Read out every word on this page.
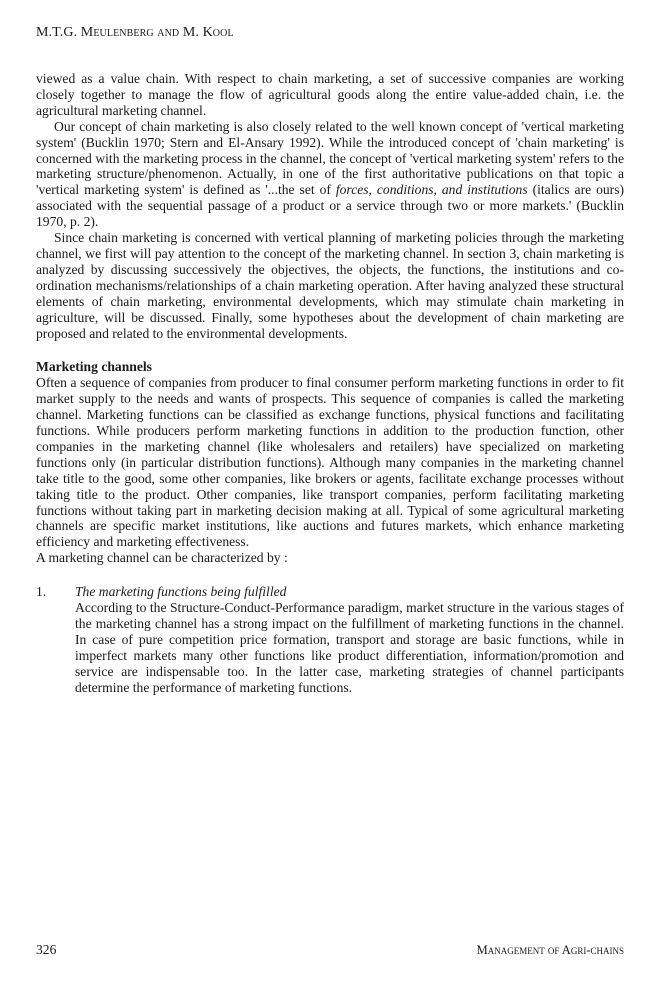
M.T.G. Meulenberg and M. Kool

viewed as a value chain. With respect to chain marketing, a set of successive companies are working closely together to manage the flow of agricultural goods along the entire value-added chain, i.e. the agricultural marketing channel.

Our concept of chain marketing is also closely related to the well known concept of 'vertical marketing system' (Bucklin 1970; Stern and El-Ansary 1992). While the introduced concept of 'chain marketing' is concerned with the marketing process in the channel, the concept of 'vertical marketing system' refers to the marketing structure/phenomenon. Actually, in one of the first authoritative publications on that topic a 'vertical marketing system' is defined as '...the set of forces, conditions, and institutions (italics are ours) associated with the sequential passage of a product or a service through two or more markets.' (Bucklin 1970, p. 2).

Since chain marketing is concerned with vertical planning of marketing policies through the marketing channel, we first will pay attention to the concept of the marketing channel. In section 3, chain marketing is analyzed by discussing successively the objectives, the objects, the functions, the institutions and co-ordination mechanisms/relationships of a chain marketing operation. After having analyzed these structural elements of chain marketing, environmental developments, which may stimulate chain marketing in agriculture, will be discussed. Finally, some hypotheses about the development of chain marketing are proposed and related to the environmental developments.

Marketing channels

Often a sequence of companies from producer to final consumer perform marketing functions in order to fit market supply to the needs and wants of prospects. This sequence of companies is called the marketing channel. Marketing functions can be classified as exchange functions, physical functions and facilitating functions. While producers perform marketing functions in addition to the production function, other companies in the marketing channel (like wholesalers and retailers) have specialized on marketing functions only (in particular distribution functions). Although many companies in the marketing channel take title to the good, some other companies, like brokers or agents, facilitate exchange processes without taking title to the product. Other companies, like transport companies, perform facilitating marketing functions without taking part in marketing decision making at all. Typical of some agricultural marketing channels are specific market institutions, like auctions and futures markets, which enhance marketing efficiency and marketing effectiveness.

A marketing channel can be characterized by :

1. The marketing functions being fulfilled

According to the Structure-Conduct-Performance paradigm, market structure in the various stages of the marketing channel has a strong impact on the fulfillment of marketing functions in the channel. In case of pure competition price formation, transport and storage are basic functions, while in imperfect markets many other functions like product differentiation, information/promotion and service are indispensable too. In the latter case, marketing strategies of channel participants determine the performance of marketing functions.

326	Management of Agri-chains
